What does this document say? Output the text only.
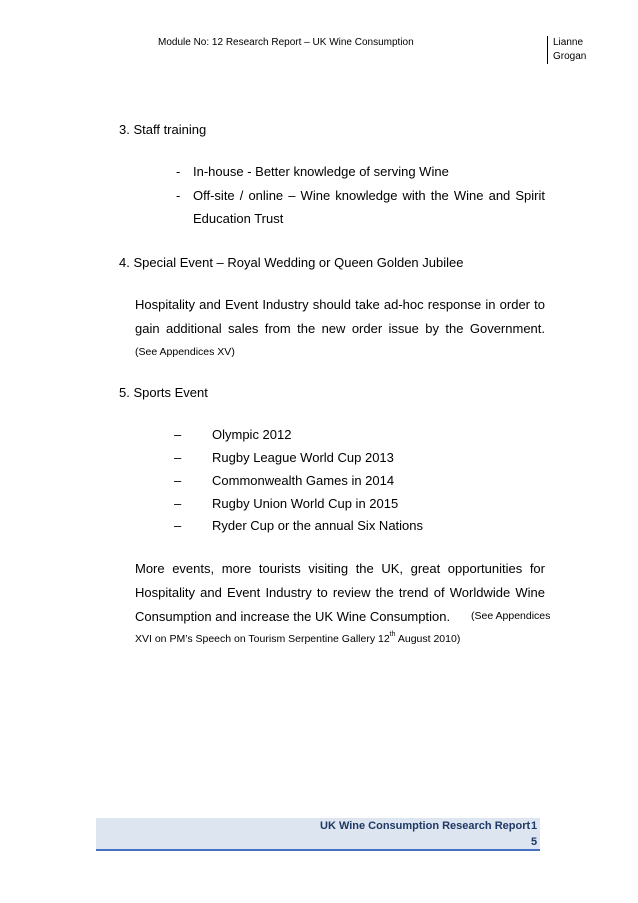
Module No: 12 Research Report – UK Wine Consumption	Lianne
Grogan
3. Staff training
- In-house - Better knowledge of serving Wine
- Off-site / online – Wine knowledge with the Wine and Spirit
Education Trust
4. Special Event – Royal Wedding or Queen Golden Jubilee
Hospitality and Event Industry should take ad-hoc response in order to
gain additional sales from the new order issue by the Government.
(See Appendices XV)
5. Sports Event
– Olympic 2012
– Rugby League World Cup 2013
– Commonwealth Games in 2014
– Rugby Union World Cup in 2015
– Ryder Cup or the annual Six Nations
More events, more tourists visiting the UK, great opportunities for
Hospitality and Event Industry to review the trend of Worldwide Wine
Consumption and increase the UK Wine Consumption. (See Appendices
XVI on PM’s Speech on Tourism Serpentine Gallery 12th August 2010)
UK Wine Consumption Research Report 1
5
